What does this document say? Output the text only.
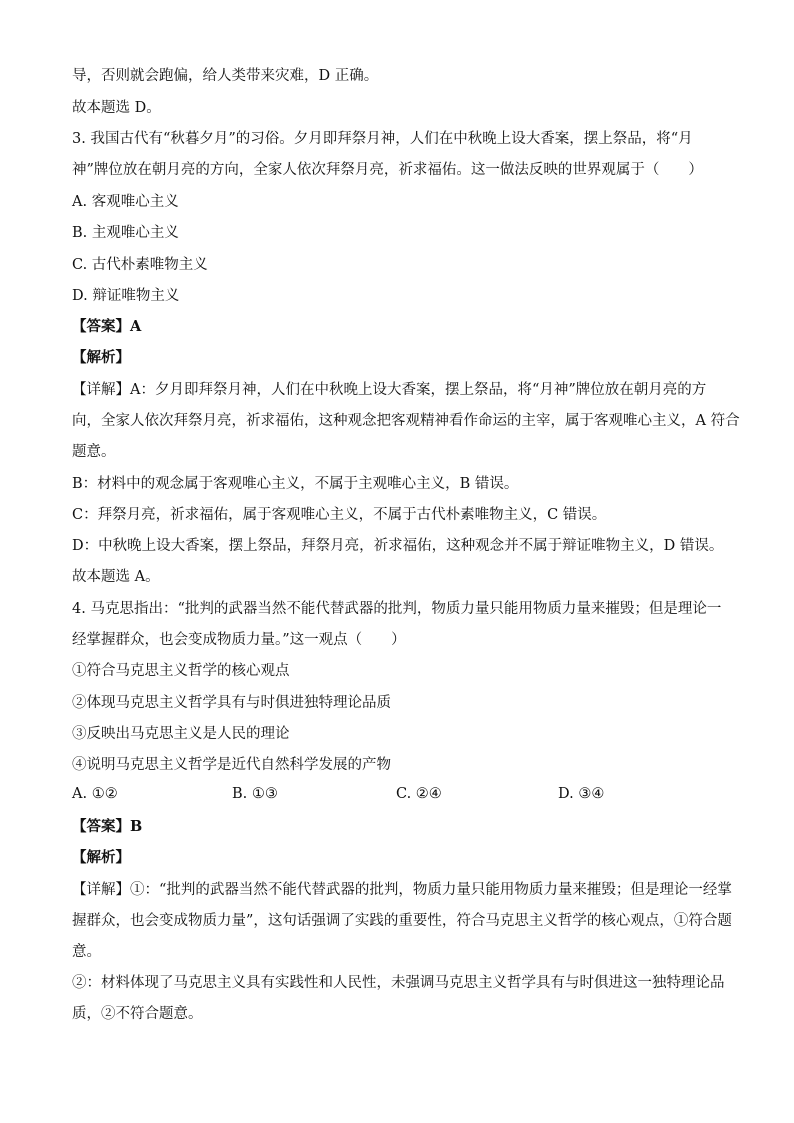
导，否则就会跑偏，给人类带来灾难，D 正确。
故本题选 D。
3. 我国古代有“秋暮夕月”的习俗。夕月即拜祭月神，人们在中秋晚上设大香案，摆上祭品，将“月
神”牌位放在朝月亮的方向，全家人依次拜祭月亮，祈求福佑。这一做法反映的世界观属于（　　）
A. 客观唯心主义
B. 主观唯心主义
C. 古代朴素唯物主义
D. 辩证唯物主义
【答案】A
【解析】
【详解】A：夕月即拜祭月神，人们在中秋晚上设大香案，摆上祭品，将“月神”牌位放在朝月亮的方
向，全家人依次拜祭月亮，祈求福佑，这种观念把客观精神看作命运的主宰，属于客观唯心主义，A 符合
题意。
B：材料中的观念属于客观唯心主义，不属于主观唯心主义，B 错误。
C：拜祭月亮，祈求福佑，属于客观唯心主义，不属于古代朴素唯物主义，C 错误。
D：中秋晚上设大香案，摆上祭品，拜祭月亮，祈求福佑，这种观念并不属于辩证唯物主义，D 错误。
故本题选 A。
4. 马克思指出：“批判的武器当然不能代替武器的批判，物质力量只能用物质力量来摧毁；但是理论一
经掌握群众，也会变成物质力量。”这一观点（　　）
①符合马克思主义哲学的核心观点
②体现马克思主义哲学具有与时俱进独特理论品质
③反映出马克思主义是人民的理论
④说明马克思主义哲学是近代自然科学发展的产物
A. ①②	B. ①③	C. ②④	D. ③④
【答案】B
【解析】
【详解】①：“批判的武器当然不能代替武器的批判，物质力量只能用物质力量来摧毁；但是理论一经掌
握群众，也会变成物质力量”，这句话强调了实践的重要性，符合马克思主义哲学的核心观点，①符合题
意。
②：材料体现了马克思主义具有实践性和人民性，未强调马克思主义哲学具有与时俱进这一独特理论品
质，②不符合题意。
